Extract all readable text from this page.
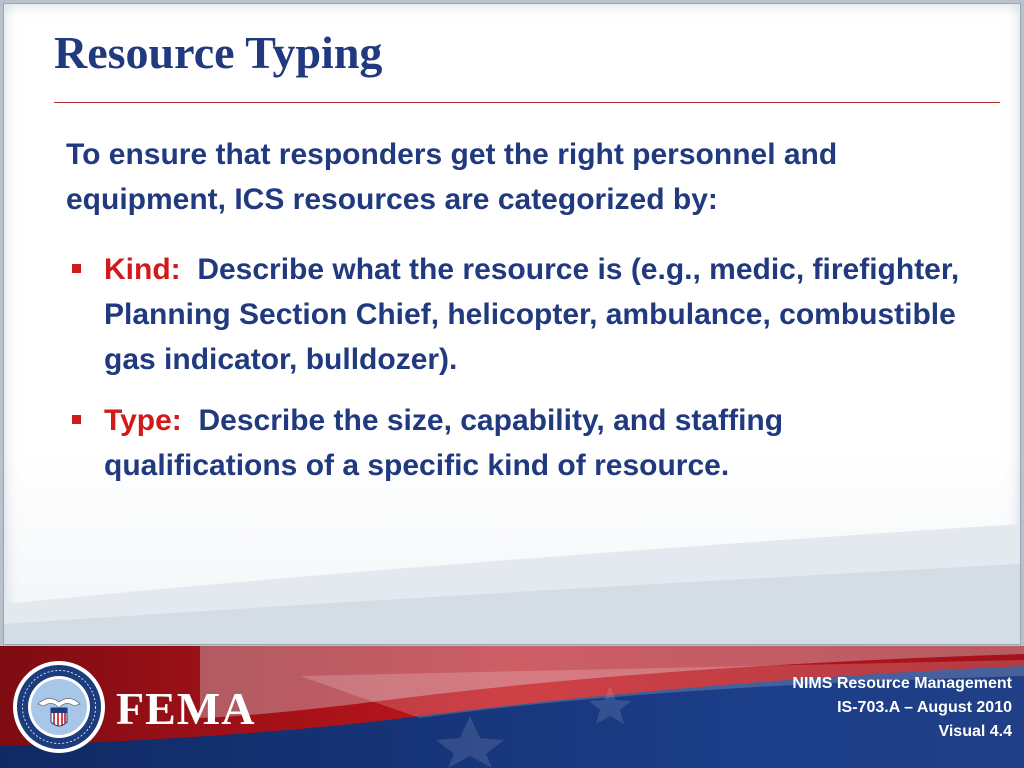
Resource Typing
To ensure that responders get the right personnel and equipment, ICS resources are categorized by:
Kind: Describe what the resource is (e.g., medic, firefighter, Planning Section Chief, helicopter, ambulance, combustible gas indicator, bulldozer).
Type: Describe the size, capability, and staffing qualifications of a specific kind of resource.
FEMA	NIMS Resource Management
IS-703.A – August 2010
Visual 4.4
